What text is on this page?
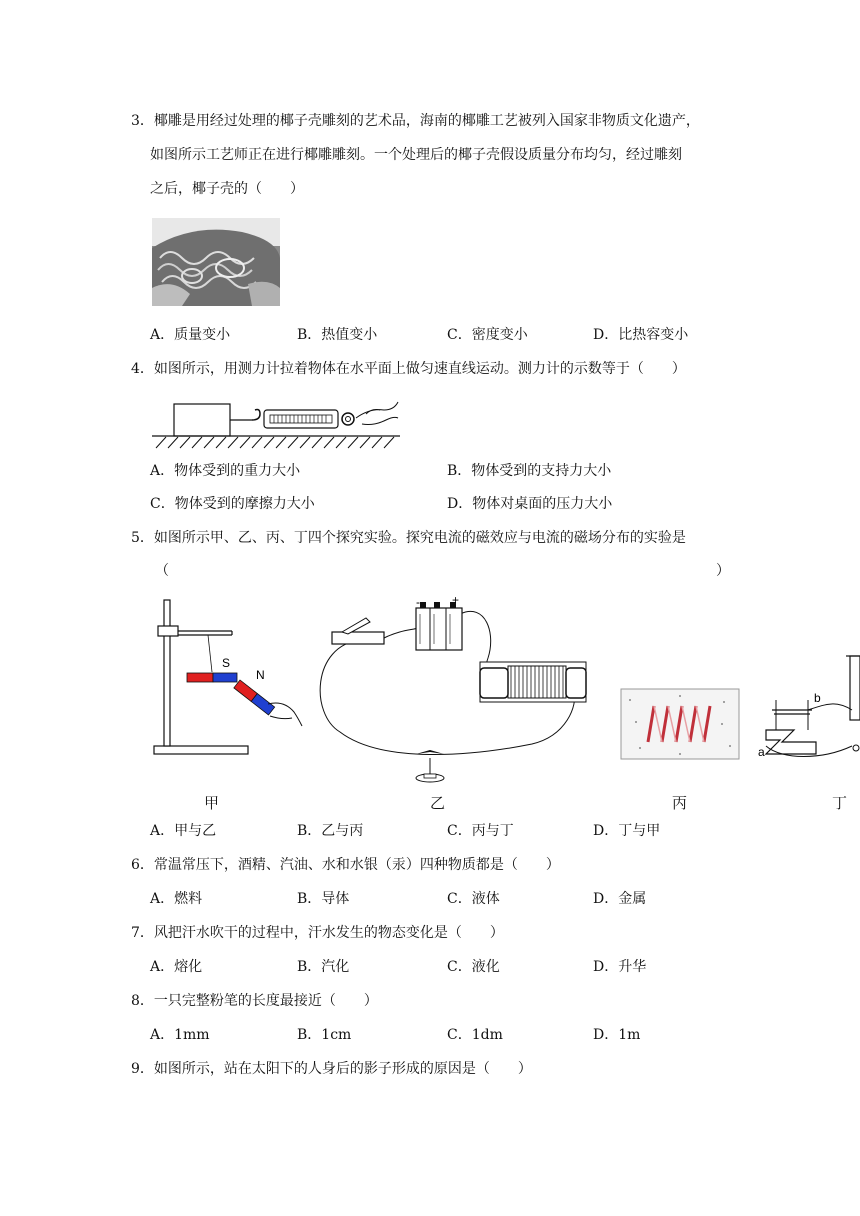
3．椰雕是用经过处理的椰子壳雕刻的艺术品，海南的椰雕工艺被列入国家非物质文化遗产，
如图所示工艺师正在进行椰雕雕刻。一个处理后的椰子壳假设质量分布均匀，经过雕刻
之后，椰子壳的（　　）
A．质量变小	B．热值变小	C．密度变小	D．比热容变小
4．如图所示，用测力计拉着物体在水平面上做匀速直线运动。测力计的示数等于（　　）
A．物体受到的重力大小	B．物体受到的支持力大小
C．物体受到的摩擦力大小	D．物体对桌面的压力大小
5．如图所示甲、乙、丙、丁四个探究实验。探究电流的磁效应与电流的磁场分布的实验是
（	）
S
N
-	+
b
a
甲	乙	丙	丁
A．甲与乙	B．乙与丙	C．丙与丁	D．丁与甲
6．常温常压下，酒精、汽油、水和水银（汞）四种物质都是（　　）
A．燃料	B．导体	C．液体	D．金属
7．风把汗水吹干的过程中，汗水发生的物态变化是（　　）
A．熔化	B．汽化	C．液化	D．升华
8．一只完整粉笔的长度最接近（　　）
A．1mm	B．1cm	C．1dm	D．1m
9．如图所示，站在太阳下的人身后的影子形成的原因是（　　）
